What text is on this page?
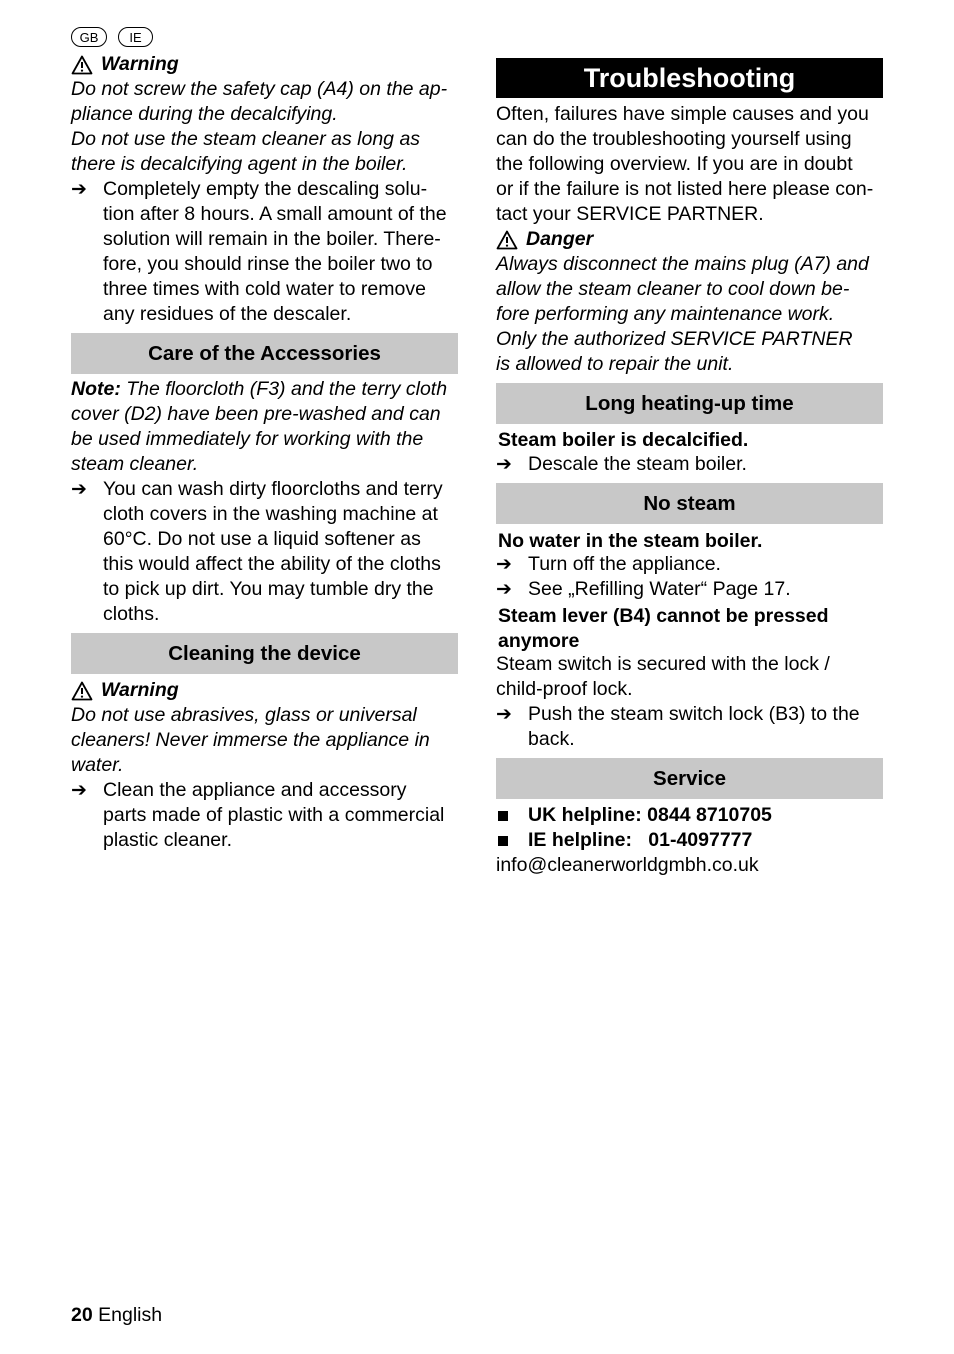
GB	IE
Warning

Do not screw the safety cap (A4) on the ap-

pliance during the decalcifying.

Do not use the steam cleaner as long as

there is decalcifying agent in the boiler.

➔ Completely empty the descaling solu-

tion after 8 hours. A small amount of the

solution will remain in the boiler. There-

fore, you should rinse the boiler two to

three times with cold water to remove

any residues of the descaler.

Care of the Accessories

Note: The floorcloth (F3) and the terry cloth

cover (D2) have been pre-washed and can

be used immediately for working with the

steam cleaner.

➔ You can wash dirty floorcloths and terry

cloth covers in the washing machine at

60°C. Do not use a liquid softener as

this would affect the ability of the cloths

to pick up dirt. You may tumble dry the

cloths.

Cleaning the device
Warning

Do not use abrasives, glass or universal

cleaners! Never immerse the appliance in

water.

➔ Clean the appliance and accessory

parts made of plastic with a commercial

plastic cleaner.

Troubleshooting

Often, failures have simple causes and you

can do the troubleshooting yourself using

the following overview. If you are in doubt

or if the failure is not listed here please con-

tact your SERVICE PARTNER.

Danger

Always disconnect the mains plug (A7) and

allow the steam cleaner to cool down be-

fore performing any maintenance work.

Only the authorized SERVICE PARTNER

is allowed to repair the unit.

Long heating-up time

Steam boiler is decalcified.

➔ Descale the steam boiler.

No steam

No water in the steam boiler.

➔ Turn off the appliance.

➔ See „Refilling Water“ Page 17.

Steam lever (B4) cannot be pressed

anymore

Steam switch is secured with the lock /

child-proof lock.

➔ Push the steam switch lock (B3) to the

back.

Service

UK helpline: 0844 8710705

IE helpline:   01-4097777

info@cleanerworldgmbh.co.uk

20 English
